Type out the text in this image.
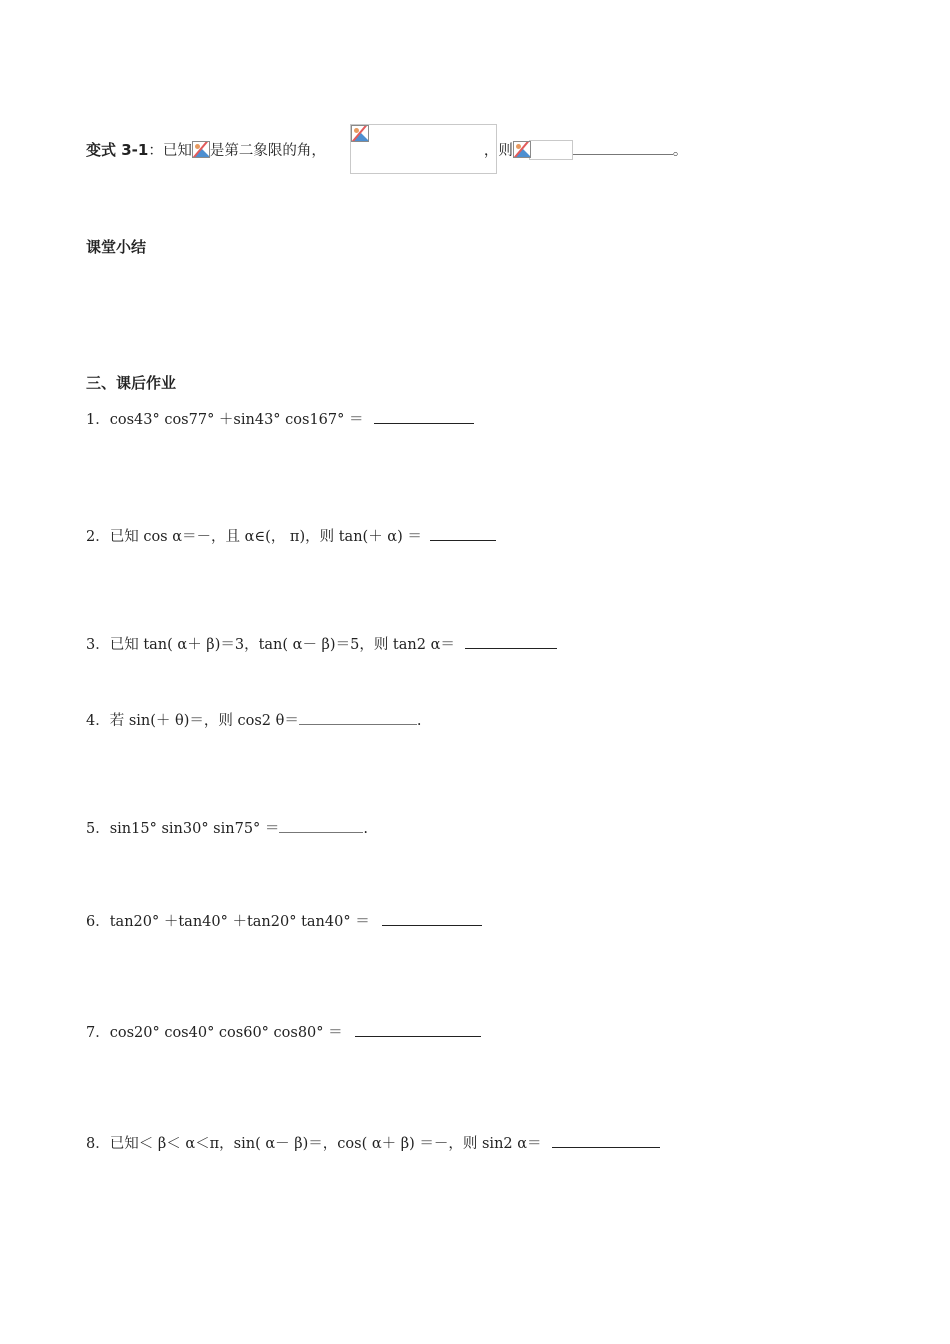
变式 3-1：已知 是第二象限的角，	，则	。
课堂小结
三、课后作业
1．cos43° cos77° ＋sin43° cos167° ＝
2．已知 cos α＝－，且 α∈(， π)，则 tan(＋ α) ＝
3．已知 tan( α＋ β)＝3，tan( α－ β)＝5，则 tan2 α＝
4．若 sin(＋ θ)＝，则 cos2 θ＝	.
5．sin15° sin30° sin75° ＝	.
6．tan20° ＋tan40° ＋tan20° tan40° ＝
7．cos20° cos40° cos60° cos80° ＝
8．已知＜ β＜ α＜π，sin( α－ β)＝，cos( α＋ β) ＝－，则 sin2 α＝
